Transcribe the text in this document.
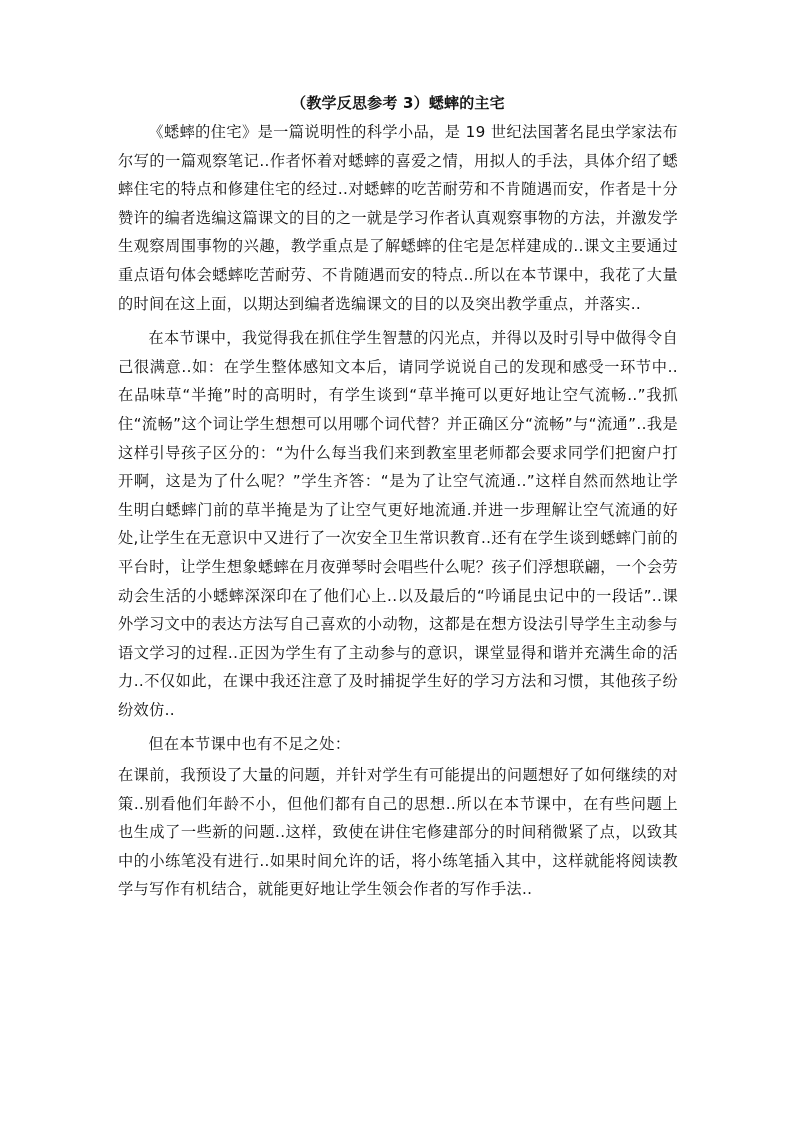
（教学反思参考 3）蟋蟀的主宅

《蟋蟀的住宅》是一篇说明性的科学小品，是 19 世纪法国著名昆虫学家法布尔写的一篇观察笔记..作者怀着对蟋蟀的喜爱之情，用拟人的手法，具体介绍了蟋蟀住宅的特点和修建住宅的经过..对蟋蟀的吃苦耐劳和不肯随遇而安，作者是十分赞许的编者选编这篇课文的目的之一就是学习作者认真观察事物的方法，并激发学生观察周围事物的兴趣，教学重点是了解蟋蟀的住宅是怎样建成的..课文主要通过重点语句体会蟋蟀吃苦耐劳、不肯随遇而安的特点..所以在本节课中，我花了大量的时间在这上面，以期达到编者选编课文的目的以及突出教学重点，并落实..

在本节课中，我觉得我在抓住学生智慧的闪光点，并得以及时引导中做得令自己很满意..如：在学生整体感知文本后，请同学说说自己的发现和感受一环节中..在品味草“半掩”时的高明时，有学生谈到“草半掩可以更好地让空气流畅..”我抓住“流畅”这个词让学生想想可以用哪个词代替？并正确区分“流畅”与“流通”..我是这样引导孩子区分的：“为什么每当我们来到教室里老师都会要求同学们把窗户打开啊，这是为了什么呢？”学生齐答：“是为了让空气流通..”这样自然而然地让学生明白蟋蟀门前的草半掩是为了让空气更好地流通.并进一步理解让空气流通的好处,让学生在无意识中又进行了一次安全卫生常识教育..还有在学生谈到蟋蟀门前的平台时，让学生想象蟋蟀在月夜弹琴时会唱些什么呢？孩子们浮想联翩，一个会劳动会生活的小蟋蟀深深印在了他们心上..以及最后的“吟诵昆虫记中的一段话”..课外学习文中的表达方法写自己喜欢的小动物，这都是在想方设法引导学生主动参与语文学习的过程..正因为学生有了主动参与的意识，课堂显得和谐并充满生命的活力..不仅如此，在课中我还注意了及时捕捉学生好的学习方法和习惯，其他孩子纷纷效仿..

但在本节课中也有不足之处：

在课前，我预设了大量的问题，并针对学生有可能提出的问题想好了如何继续的对策..别看他们年龄不小，但他们都有自己的思想..所以在本节课中，在有些问题上也生成了一些新的问题..这样，致使在讲住宅修建部分的时间稍微紧了点，以致其中的小练笔没有进行..如果时间允许的话，将小练笔插入其中，这样就能将阅读教学与写作有机结合，就能更好地让学生领会作者的写作手法..
